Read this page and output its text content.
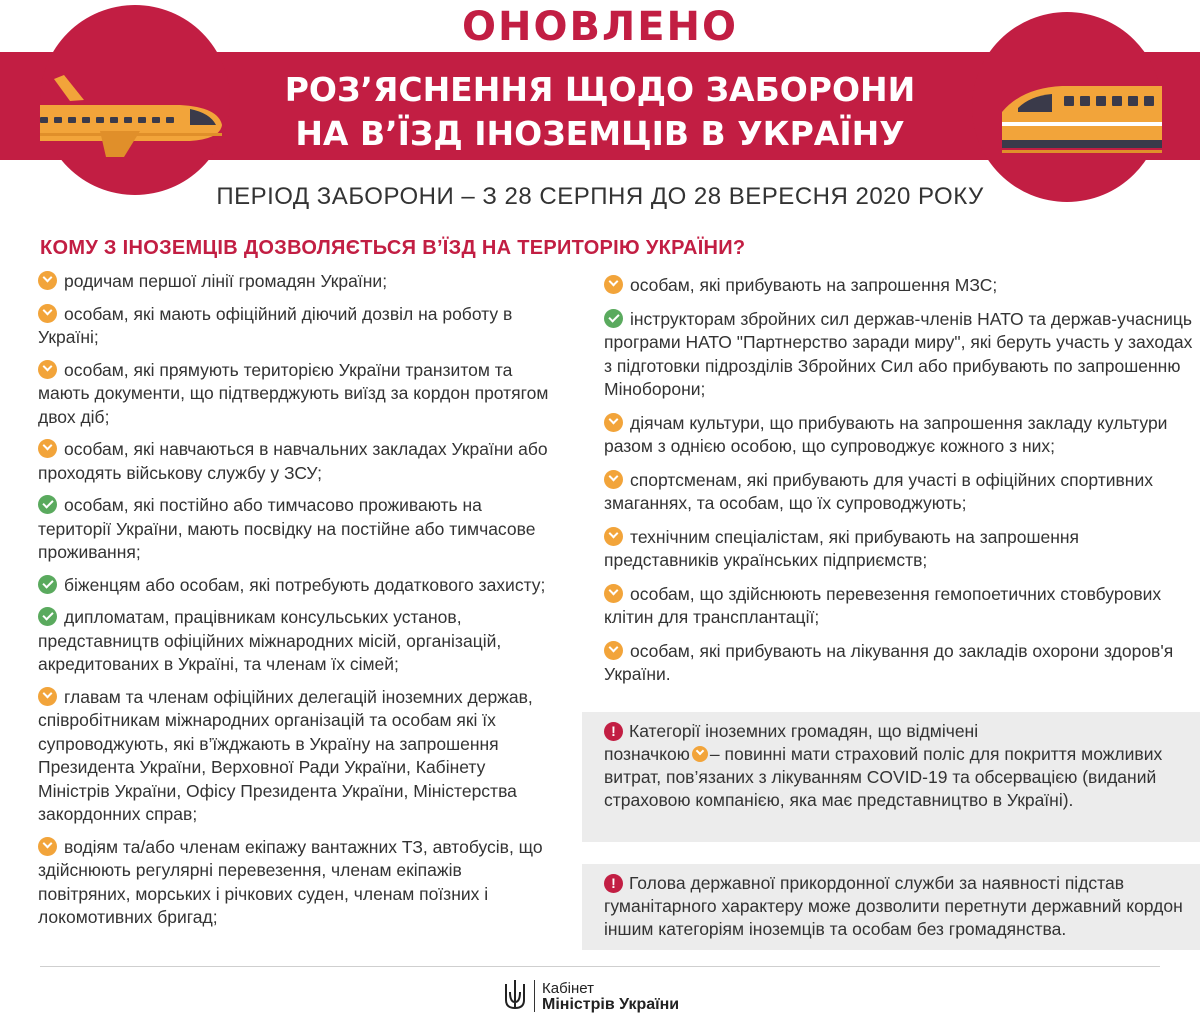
ОНОВЛЕНО
РОЗ’ЯСНЕННЯ ЩОДО ЗАБОРОНИ
НА В’ЇЗД ІНОЗЕМЦІВ В УКРАЇНУ
ПЕРІОД ЗАБОРОНИ – З 28 СЕРПНЯ ДО 28 ВЕРЕСНЯ 2020 РОКУ
КОМУ З ІНОЗЕМЦІВ ДОЗВОЛЯЄТЬСЯ В’ЇЗД НА ТЕРИТОРІЮ УКРАЇНИ?
родичам першої лінії громадян України;
особам, які мають офіційний діючий дозвіл на роботу в Україні;
особам, які прямують територією України транзитом та мають документи, що підтверджують виїзд за кордон протягом двох діб;
особам, які навчаються в навчальних закладах України або проходять військову службу у ЗСУ;
особам, які постійно або тимчасово проживають на території України, мають посвідку на постійне або тимчасове проживання;
біженцям або особам, які потребують додаткового захисту;
дипломатам, працівникам консульських установ, представництв офіційних міжнародних місій, організацій, акредитованих в Україні, та членам їх сімей;
главам та членам офіційних делегацій іноземних держав, співробітникам міжнародних організацій та особам які їх супроводжують, які в’їжджають в Україну на запрошення Президента України, Верховної Ради України, Кабінету Міністрів України, Офісу Президента України, Міністерства закордонних справ;
водіям та/або членам екіпажу вантажних ТЗ, автобусів, що здійснюють регулярні перевезення, членам екіпажів повітряних, морських і річкових суден, членам поїзних і локомотивних бригад;
особам, які прибувають на запрошення МЗС;
інструкторам збройних сил держав-членів НАТО та держав-учасниць програми НАТО "Партнерство заради миру", які беруть участь у заходах з підготовки підрозділів Збройних Сил або прибувають по запрошенню Міноборони;
діячам культури, що прибувають на запрошення закладу культури разом з однією особою, що супроводжує кожного з них;
спортсменам, які прибувають для участі в офіційних спортивних змаганнях, та особам, що їх супроводжують;
технічним спеціалістам, які прибувають на запрошення представників українських підприємств;
особам, що здійснюють перевезення гемопоетичних стовбурових клітин для трансплантації;
особам, які прибувають на лікування до закладів охорони здоров'я України.
! Категорії іноземних громадян, що відмічені
позначкою – повинні мати страховий поліс для покриття можливих витрат, пов’язаних з лікуванням COVID-19 та обсервацією (виданий страховою компанією, яка має представництво в Україні).
! Голова державної прикордонної служби за наявності підстав гуманітарного характеру може дозволити перетнути державний кордон іншим категоріям іноземців та особам без громадянства.
Кабінет
Міністрів України
